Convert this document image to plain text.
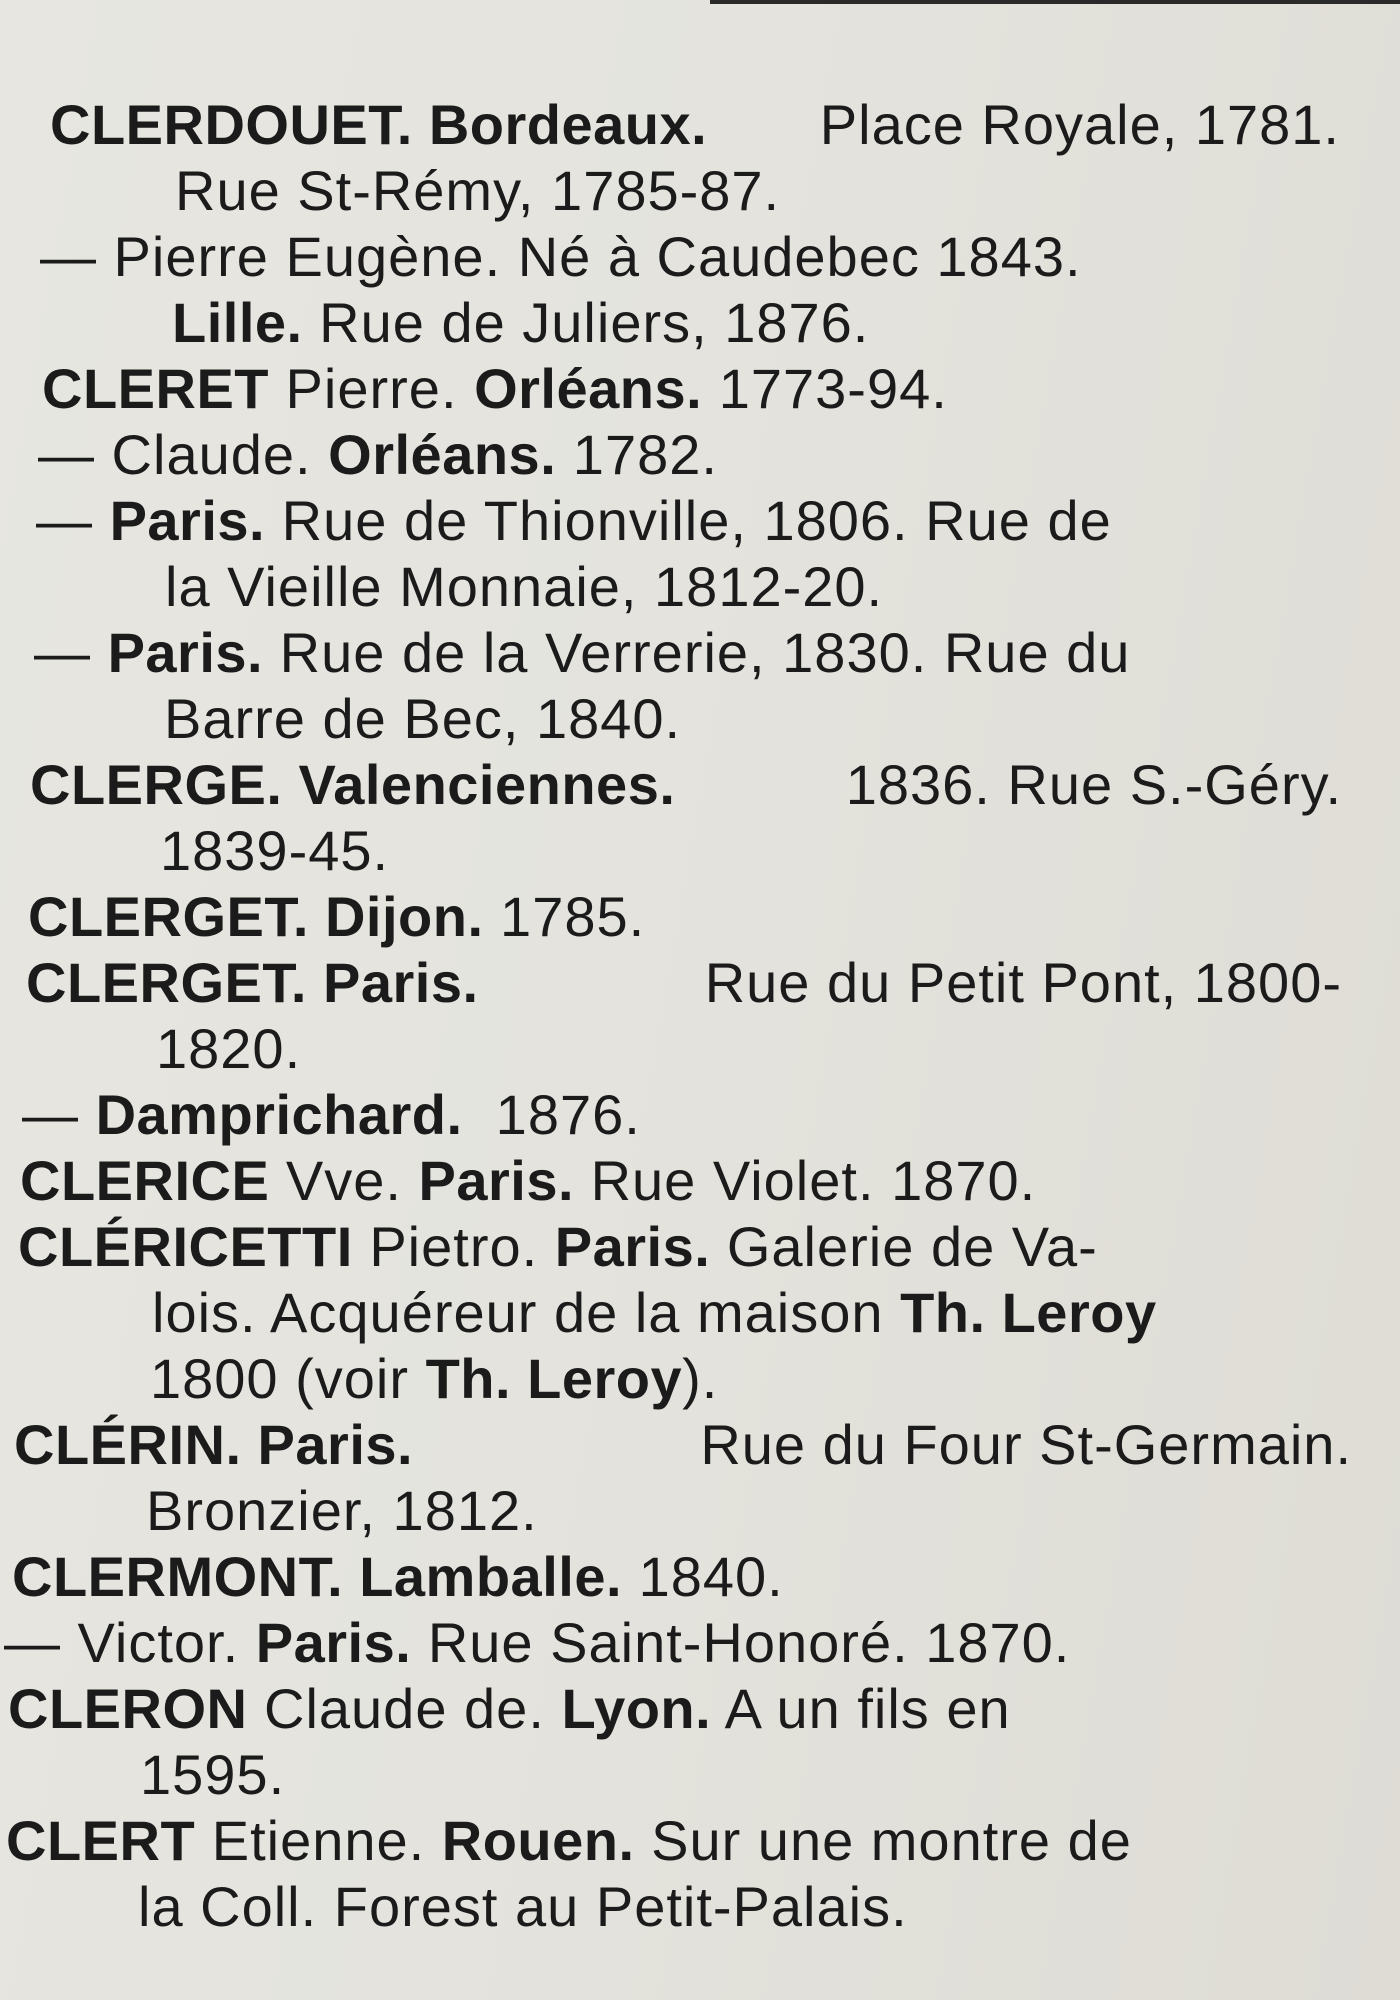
CLERDOUET. Bordeaux. Place Royale, 1781.
Rue St-Rémy, 1785-87.
— Pierre Eugène. Né à Caudebec 1843.
Lille. Rue de Juliers, 1876.
CLERET Pierre. Orléans. 1773-94.
— Claude. Orléans. 1782.
— Paris. Rue de Thionville, 1806. Rue de
la Vieille Monnaie, 1812-20.
— Paris. Rue de la Verrerie, 1830. Rue du
Barre de Bec, 1840.
CLERGE. Valenciennes.	1836. Rue S.-Géry.
1839-45.
CLERGET. Dijon. 1785.
CLERGET. Paris.	Rue du Petit Pont, 1800-
1820.
— Damprichard.  1876.
CLERICE Vve. Paris. Rue Violet. 1870.
CLÉRICETTI Pietro. Paris. Galerie de Va-
lois. Acquéreur de la maison Th. Leroy
1800 (voir Th. Leroy).
CLÉRIN. Paris.	Rue du Four St-Germain.
Bronzier, 1812.
CLERMONT. Lamballe. 1840.
— Victor. Paris. Rue Saint-Honoré. 1870.
CLERON Claude de. Lyon. A un fils en
1595.
CLERT Etienne. Rouen. Sur une montre de
la Coll. Forest au Petit-Palais.
